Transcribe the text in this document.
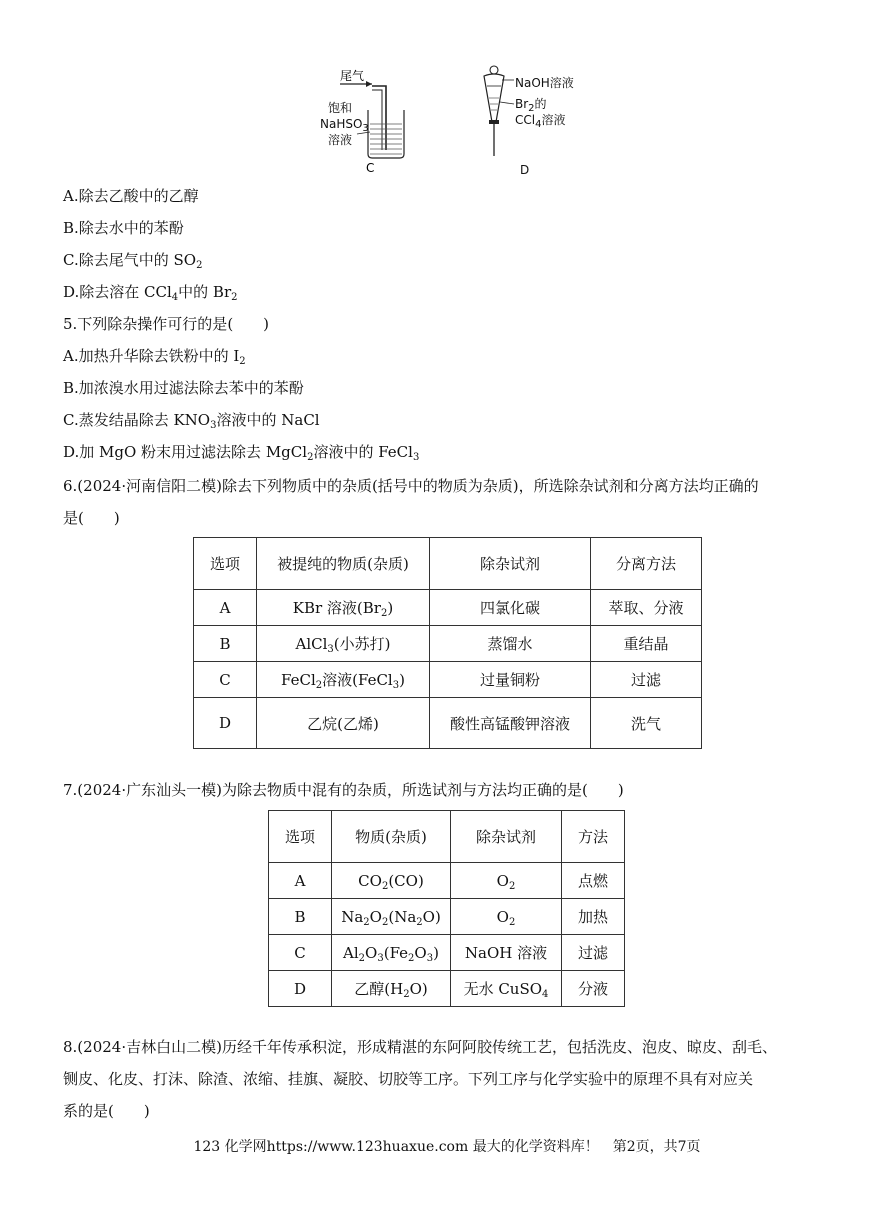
尾气
C
饱和
NaHSO$_3$
溶液
D
NaOH溶液
$Br_2$的
CCl$_4$溶液
A.除去乙酸中的乙醇
B.除去水中的苯酚
C.除去尾气中的 $SO_2$
D.除去溶在 CCl$_4$中的 $Br_2$
5.下列除杂操作可行的是(　　)
A.加热升华除去铁粉中的 $I_2$
B.加浓溴水用过滤法除去苯中的苯酚
C.蒸发结晶除去 $KNO_3$溶液中的 NaCl
D.加 MgO 粉末用过滤法除去 MgCl$_2$溶液中的 FeCl$_3$
6.(2024·河南信阳二模)除去下列物质中的杂质(括号中的物质为杂质)，所选除杂试剂和分离方法均正确的
是(　　)
选项	被提纯的物质(杂质)	除杂试剂	分离方法
A	KBr 溶液$(Br_2)$	四氯化碳	萃取、分液
B	AlCl$_3$(小苏打)	蒸馏水	重结晶
C	FeCl$_2$溶液(FeCl$_3$)	过量铜粉	过滤
D	乙烷(乙烯)	酸性高锰酸钾溶液	洗气
7.(2024·广东汕头一模)为除去物质中混有的杂质，所选试剂与方法均正确的是(　　)
选项	物质(杂质)	除杂试剂	方法
A	$CO_2(CO)$	$O_2$	点燃
B	$Na_2O_2(Na_2O)$	$O_2$	加热
C	$Al_2O_3(Fe_2O_3)$	NaOH 溶液	过滤
D	乙醇$(H_2O)$	无水 CuSO$_4$	分液
8.(2024·吉林白山二模)历经千年传承积淀，形成精湛的东阿阿胶传统工艺，包括洗皮、泡皮、晾皮、刮毛、
铡皮、化皮、打沫、除渣、浓缩、挂旗、凝胶、切胶等工序。下列工序与化学实验中的原理不具有对应关
系的是(　　)
123 化学网https://www.123huaxue.com 最大的化学资料库！　第2页，共7页
